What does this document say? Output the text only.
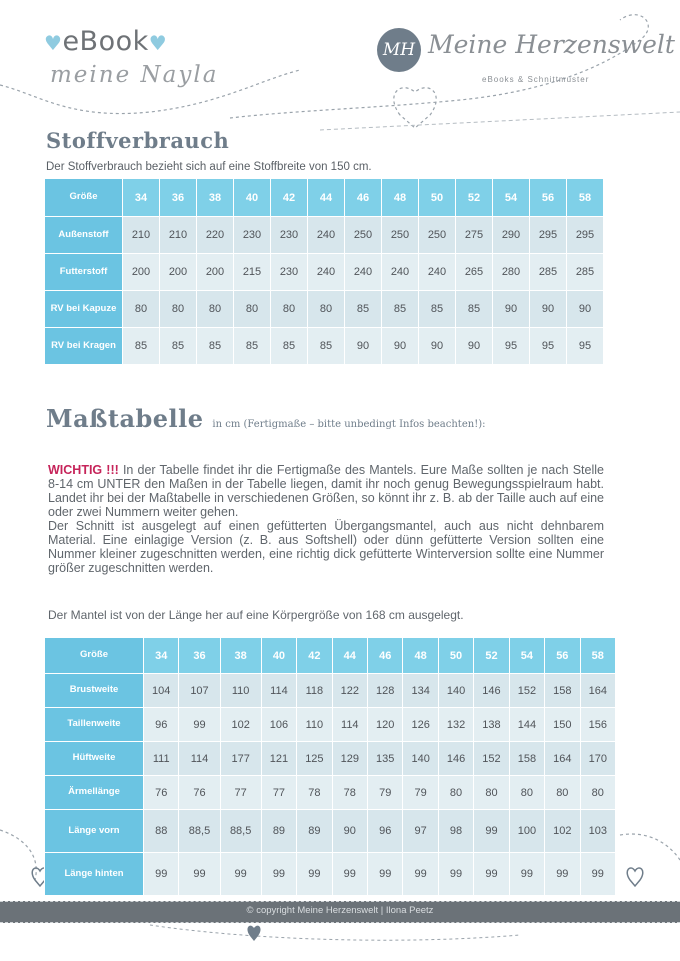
♥eBook♥
meine Nayla
MH Meine Herzenswelt
eBooks & Schnittmuster
Stoffverbrauch
Der Stoffverbrauch bezieht sich auf eine Stoffbreite von 150 cm.
Größe	34	36	38	40	42	44	46	48	50	52	54	56	58
Außenstoff	210	210	220	230	230	240	250	250	250	275	290	295	295
Futterstoff	200	200	200	215	230	240	240	240	240	265	280	285	285
RV bei Kapuze	80	80	80	80	80	80	85	85	85	85	90	90	90
RV bei Kragen	85	85	85	85	85	85	90	90	90	90	95	95	95
Maßtabelle in cm (Fertigmaße – bitte unbedingt Infos beachten!):

WICHTIG !!! In der Tabelle findet ihr die Fertigmaße des Mantels. Eure Maße sollten je nach Stelle 8-14 cm UNTER den Maßen in der Tabelle liegen, damit ihr noch genug Bewegungsspielraum habt. Landet ihr bei der Maßtabelle in verschiedenen Größen, so könnt ihr z. B. ab der Taille auch auf eine oder zwei Nummern weiter gehen.

Der Schnitt ist ausgelegt auf einen gefütterten Übergangsmantel, auch aus nicht dehnbarem Material. Eine einlagige Version (z. B. aus Softshell) oder dünn gefütterte Version sollten eine Nummer kleiner zugeschnitten werden, eine richtig dick gefütterte Winterversion sollte eine Nummer größer zugeschnitten werden.

Der Mantel ist von der Länge her auf eine Körpergröße von 168 cm ausgelegt.
Größe	34	36	38	40	42	44	46	48	50	52	54	56	58
Brustweite	104	107	110	114	118	122	128	134	140	146	152	158	164
Taillenweite	96	99	102	106	110	114	120	126	132	138	144	150	156
Hüftweite	111	114	177	121	125	129	135	140	146	152	158	164	170
Ärmellänge	76	76	77	77	78	78	79	79	80	80	80	80	80
Länge vorn	88	88,5	88,5	89	89	90	96	97	98	99	100	102	103
Länge hinten	99	99	99	99	99	99	99	99	99	99	99	99	99
© copyright Meine Herzenswelt | Ilona Peetz
